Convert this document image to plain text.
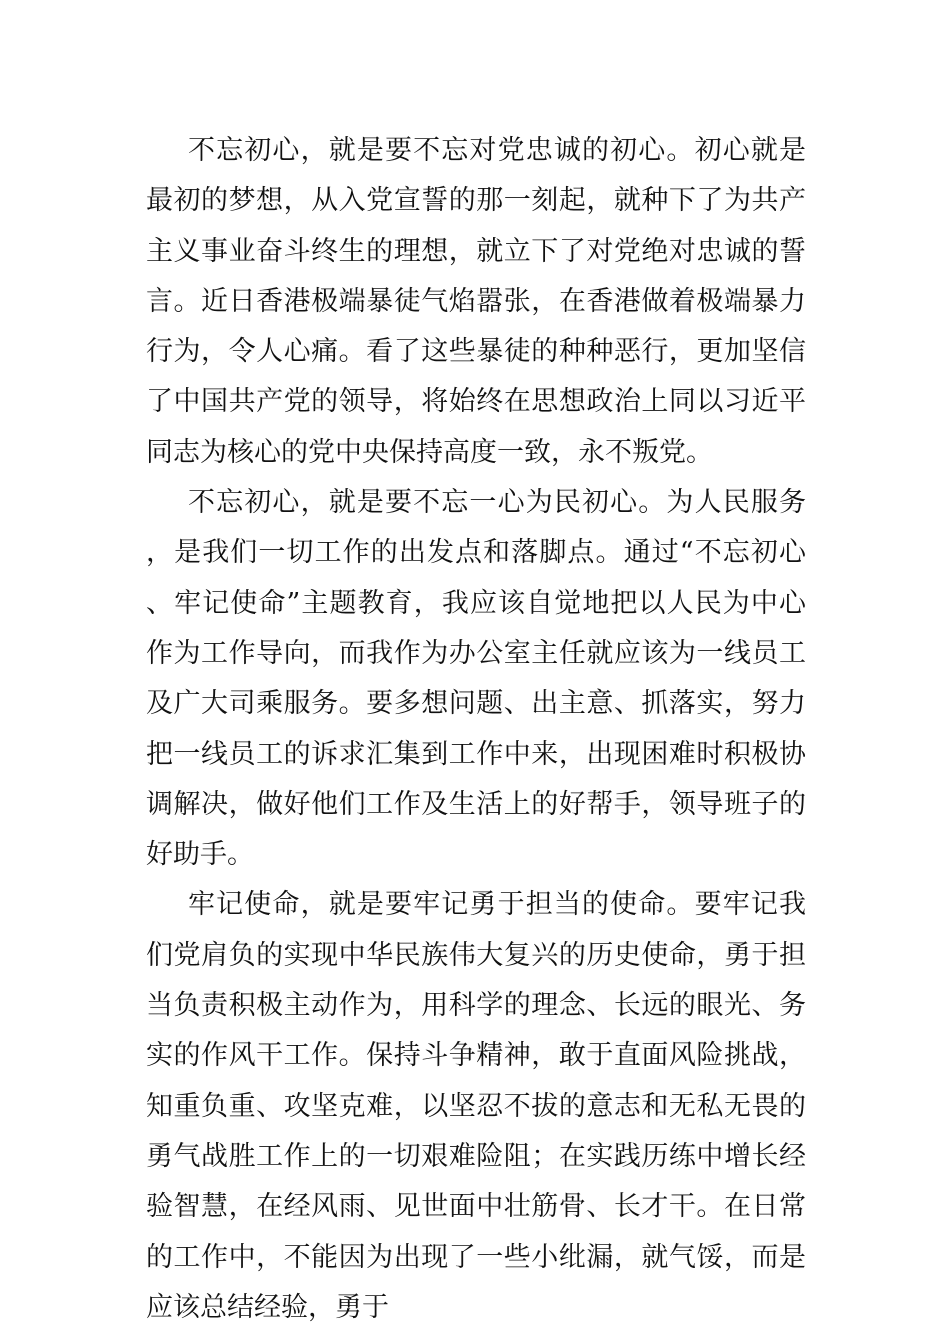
不忘初心，就是要不忘对党忠诚的初心。初心就是最初的梦想，从入党宣誓的那一刻起，就种下了为共产主义事业奋斗终生的理想，就立下了对党绝对忠诚的誓言。近日香港极端暴徒气焰嚣张，在香港做着极端暴力行为，令人心痛。看了这些暴徒的种种恶行，更加坚信了中国共产党的领导，将始终在思想政治上同以习近平同志为核心的党中央保持高度一致，永不叛党。

不忘初心，就是要不忘一心为民初心。为人民服务，是我们一切工作的出发点和落脚点。通过“不忘初心、牢记使命”主题教育，我应该自觉地把以人民为中心作为工作导向，而我作为办公室主任就应该为一线员工及广大司乘服务。要多想问题、出主意、抓落实，努力把一线员工的诉求汇集到工作中来，出现困难时积极协调解决，做好他们工作及生活上的好帮手，领导班子的好助手。

牢记使命，就是要牢记勇于担当的使命。要牢记我们党肩负的实现中华民族伟大复兴的历史使命，勇于担当负责积极主动作为，用科学的理念、长远的眼光、务实的作风干工作。保持斗争精神，敢于直面风险挑战，知重负重、攻坚克难，以坚忍不拔的意志和无私无畏的勇气战胜工作上的一切艰难险阻；在实践历练中增长经验智慧，在经风雨、见世面中壮筋骨、长才干。在日常的工作中，不能因为出现了一些小纰漏，就气馁，而是应该总结经验，勇于
